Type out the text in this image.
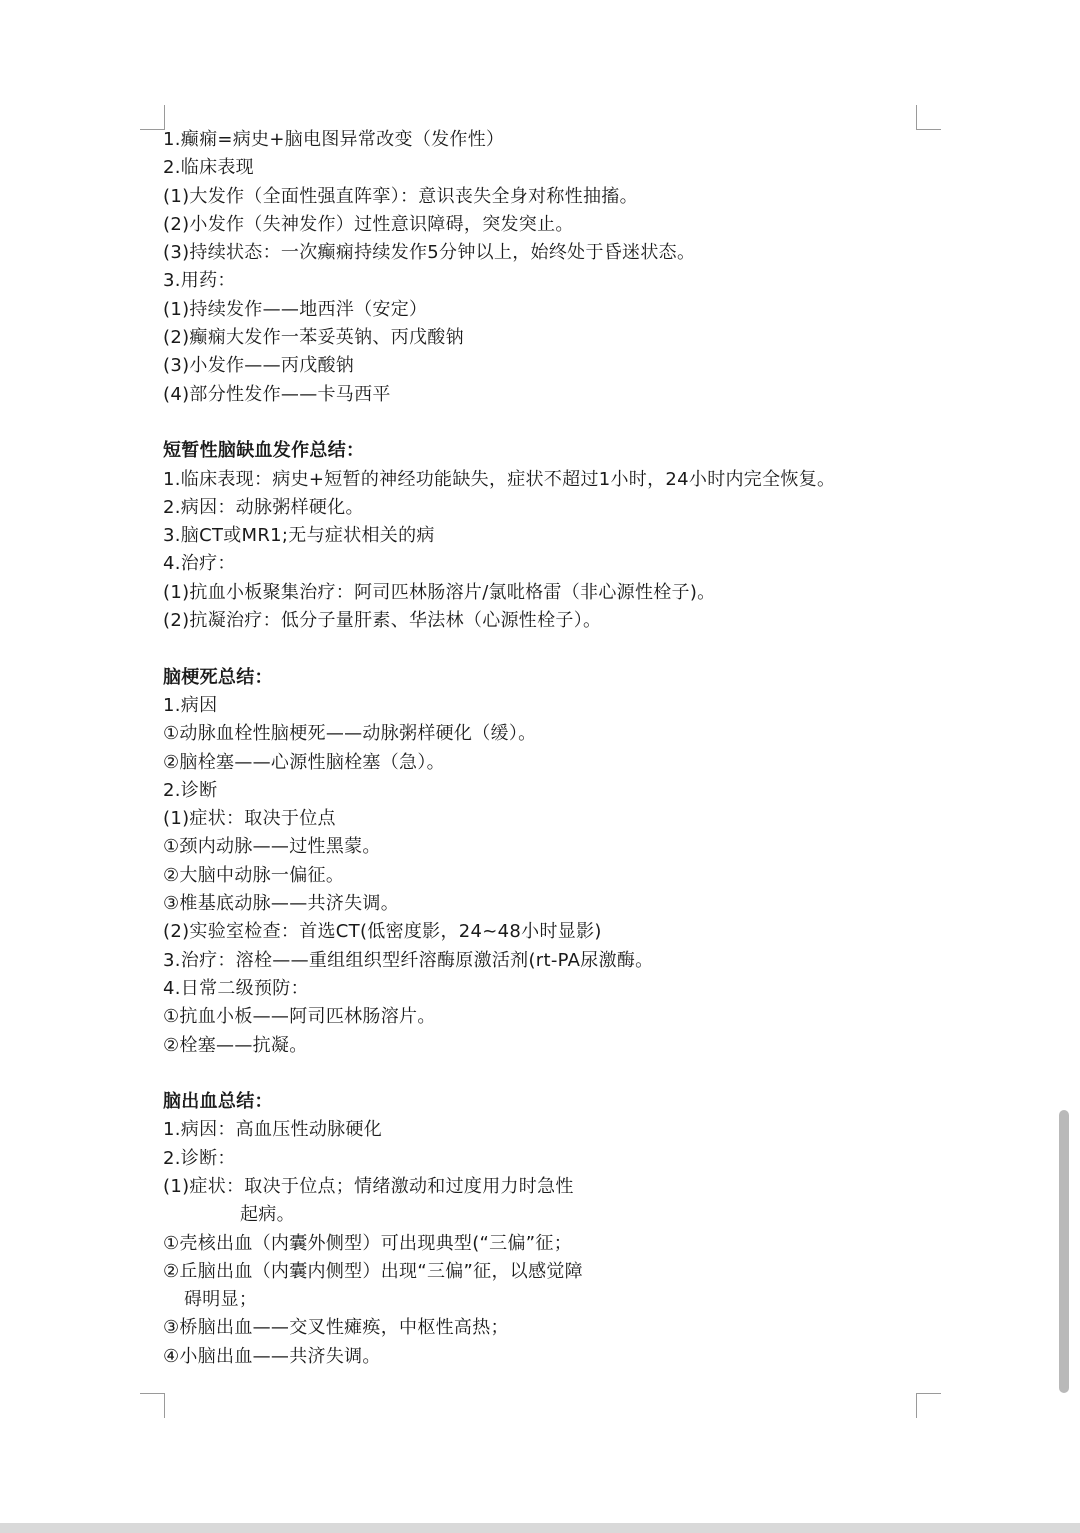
1.癫痫=病史+脑电图异常改变（发作性）
2.临床表现
(1)大发作（全面性强直阵挛）：意识丧失全身对称性抽搐。
(2)小发作（失神发作）过性意识障碍，突发突止。
(3)持续状态：一次癫痫持续发作5分钟以上，始终处于昏迷状态。
3.用药：
(1)持续发作——地西泮（安定）
(2)癫痫大发作一苯妥英钠、丙戊酸钠
(3)小发作——丙戊酸钠
(4)部分性发作——卡马西平
短暂性脑缺血发作总结：
1.临床表现：病史+短暂的神经功能缺失，症状不超过1小时，24小时内完全恢复。
2.病因：动脉粥样硬化。
3.脑CT或MR1;无与症状相关的病
4.治疗：
(1)抗血小板聚集治疗：阿司匹林肠溶片/氯吡格雷（非心源性栓子)。
(2)抗凝治疗：低分子量肝素、华法林（心源性栓子）。
脑梗死总结：
1.病因
①动脉血栓性脑梗死——动脉粥样硬化（缓）。
②脑栓塞——心源性脑栓塞（急）。
2.诊断
(1)症状：取决于位点
①颈内动脉——过性黑蒙。
②大脑中动脉一偏征。
③椎基底动脉——共济失调。
(2)实验室检查：首选CT(低密度影，24~48小时显影)
3.治疗：溶栓——重组组织型纤溶酶原激活剂(rt-PA尿激酶。
4.日常二级预防：
①抗血小板——阿司匹林肠溶片。
②栓塞——抗凝。
脑出血总结：
1.病因：高血压性动脉硬化
2.诊断：
(1)症状：取决于位点；情绪激动和过度用力时急性
起病。
①壳核出血（内囊外侧型）可出现典型(“三偏”征；
②丘脑出血（内囊内侧型）出现“三偏”征，以感觉障
碍明显；
③桥脑出血——交叉性瘫痪，中枢性高热；
④小脑出血——共济失调。
